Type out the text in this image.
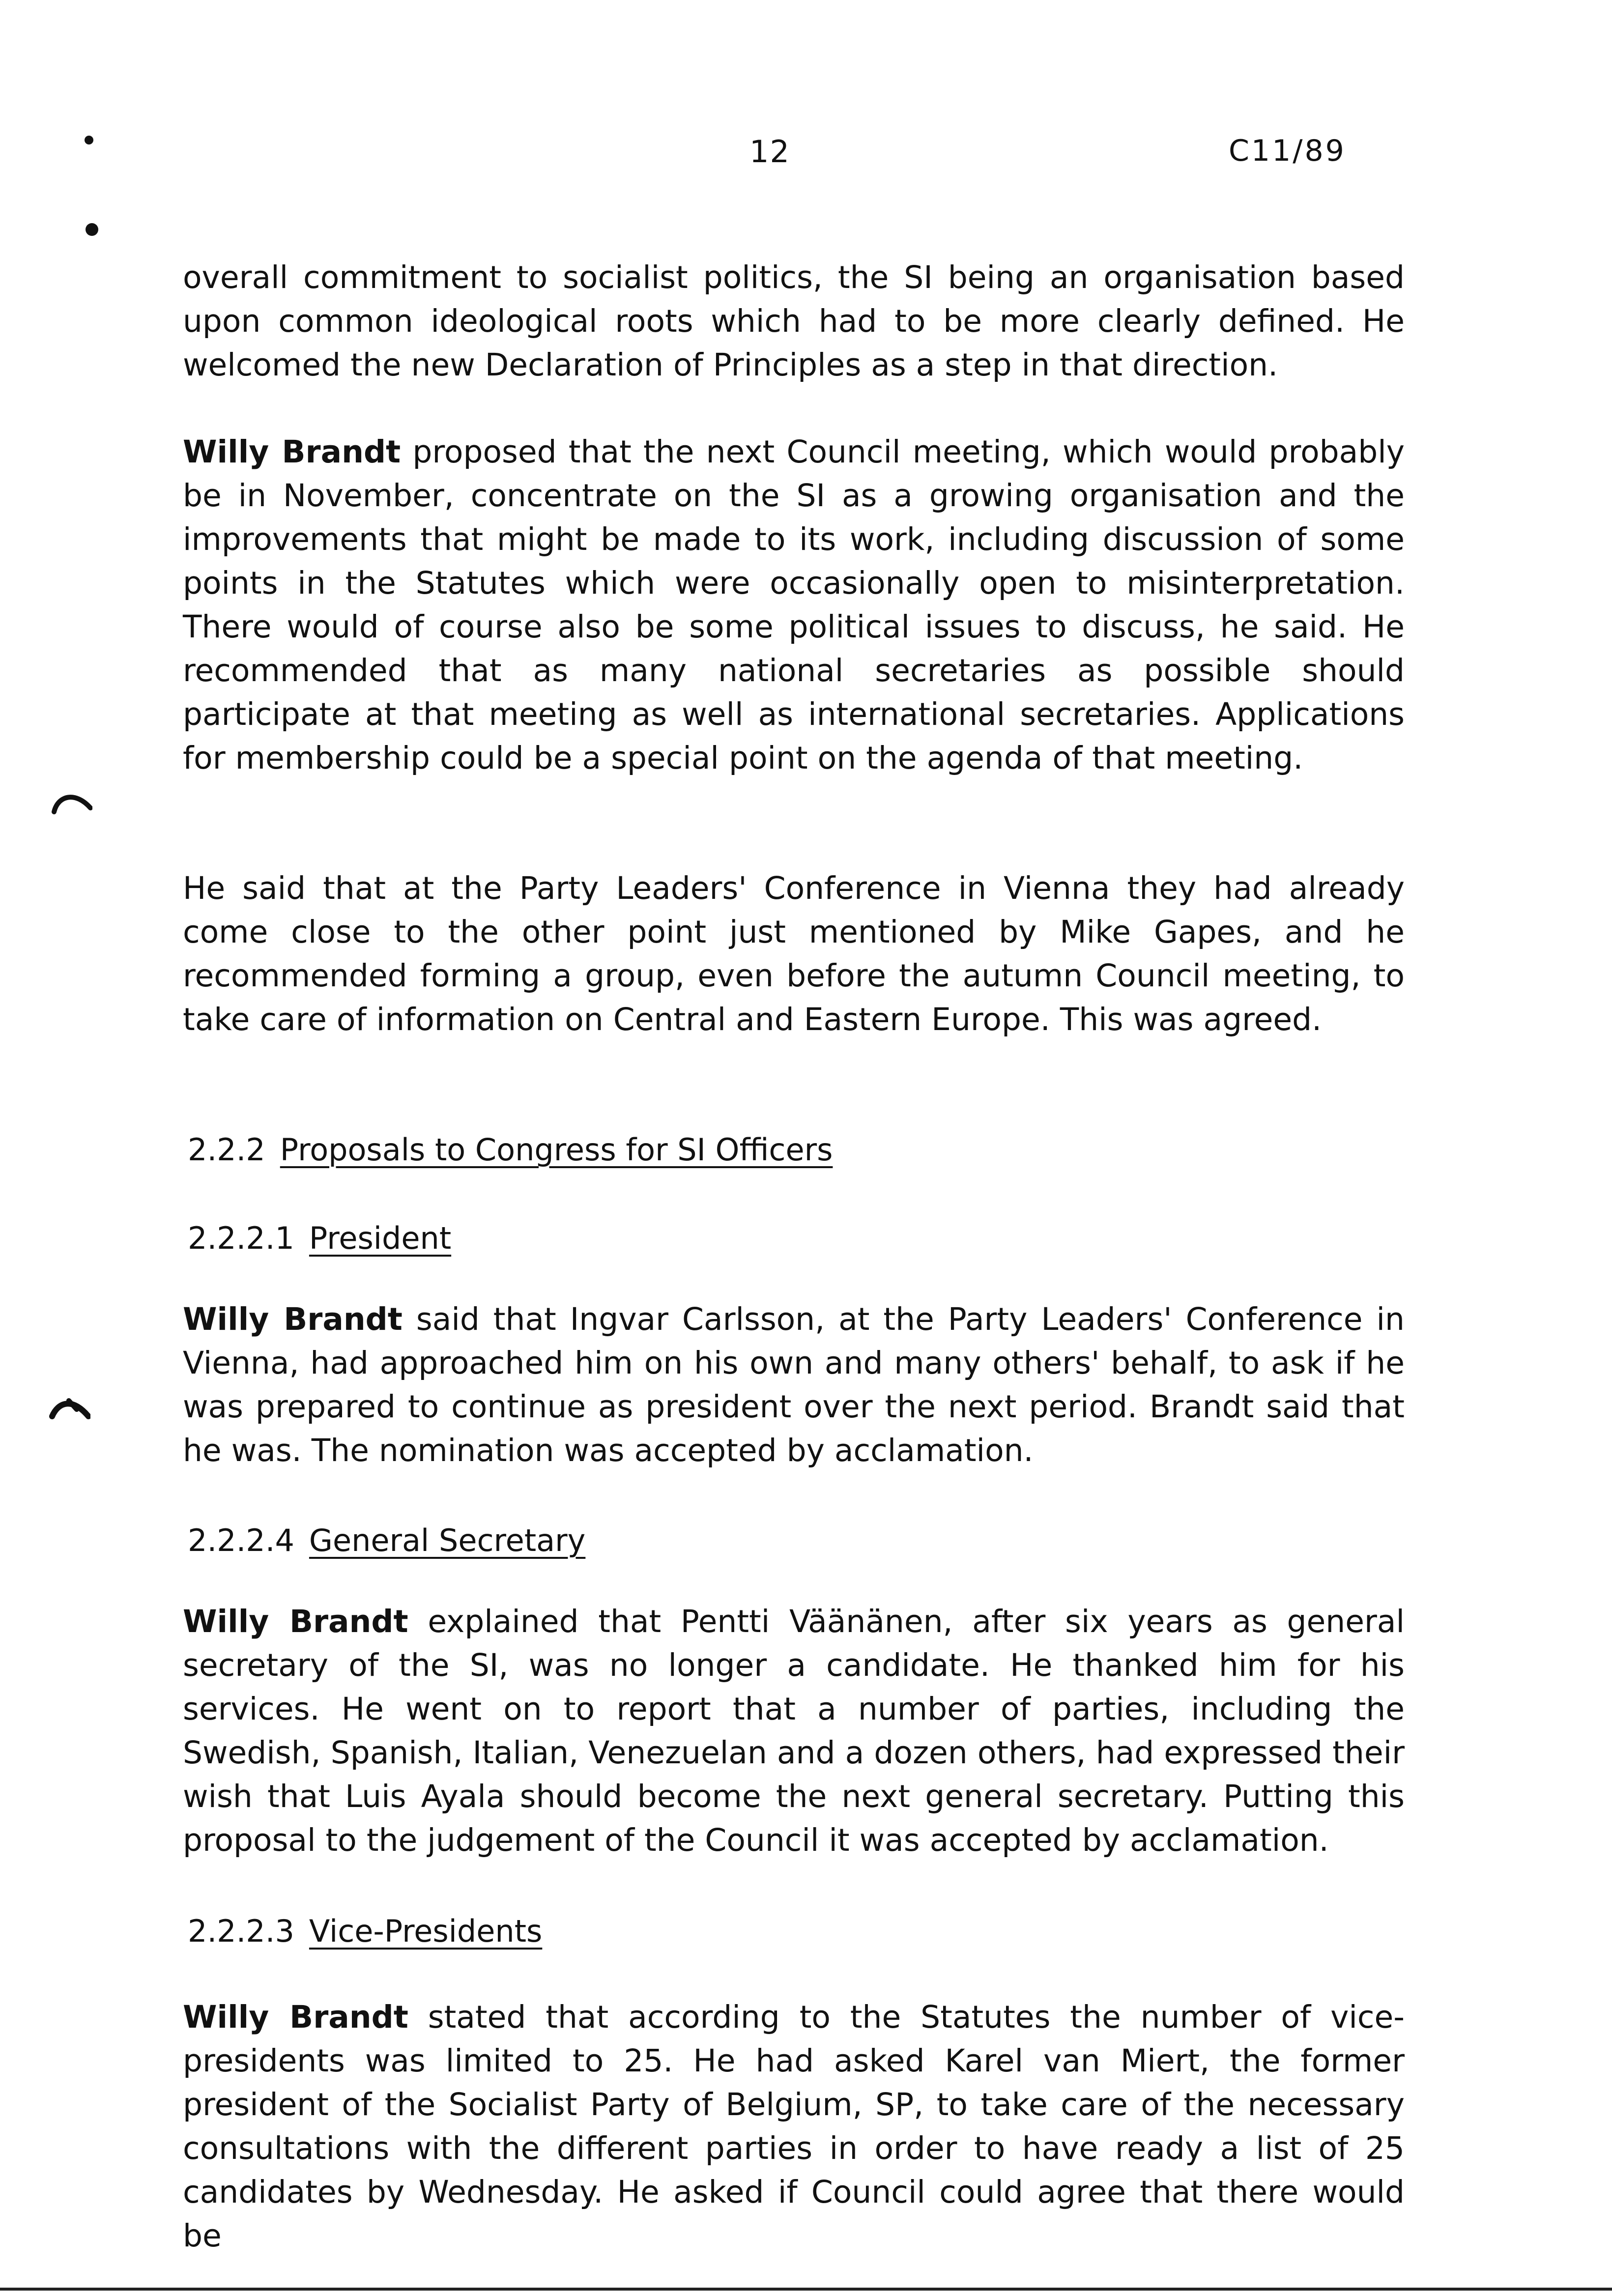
12	C11/89

overall commitment to socialist politics, the SI being an organisation based upon common ideological roots which had to be more clearly defined. He welcomed the new Declaration of Principles as a step in that direction.

Willy Brandt proposed that the next Council meeting, which would probably be in November, concentrate on the SI as a growing organisation and the improvements that might be made to its work, including discussion of some points in the Statutes which were occasionally open to misinterpretation. There would of course also be some political issues to discuss, he said. He recommended that as many national secretaries as possible should participate at that meeting as well as international secretaries. Applications for membership could be a special point on the agenda of that meeting.

He said that at the Party Leaders' Conference in Vienna they had already come close to the other point just mentioned by Mike Gapes, and he recommended forming a group, even before the autumn Council meeting, to take care of information on Central and Eastern Europe. This was agreed.

2.2.2 Proposals to Congress for SI Officers
2.2.2.1 President

Willy Brandt said that Ingvar Carlsson, at the Party Leaders' Conference in Vienna, had approached him on his own and many others' behalf, to ask if he was prepared to continue as president over the next period. Brandt said that he was. The nomination was accepted by acclamation.

2.2.2.4 General Secretary

Willy Brandt explained that Pentti Väänänen, after six years as general secretary of the SI, was no longer a candidate. He thanked him for his services. He went on to report that a number of parties, including the Swedish, Spanish, Italian, Venezuelan and a dozen others, had expressed their wish that Luis Ayala should become the next general secretary. Putting this proposal to the judgement of the Council it was accepted by acclamation.

2.2.2.3 Vice-Presidents

Willy Brandt stated that according to the Statutes the number of vice-presidents was limited to 25. He had asked Karel van Miert, the former president of the Socialist Party of Belgium, SP, to take care of the necessary consultations with the different parties in order to have ready a list of 25 candidates by Wednesday. He asked if Council could agree that there would be
